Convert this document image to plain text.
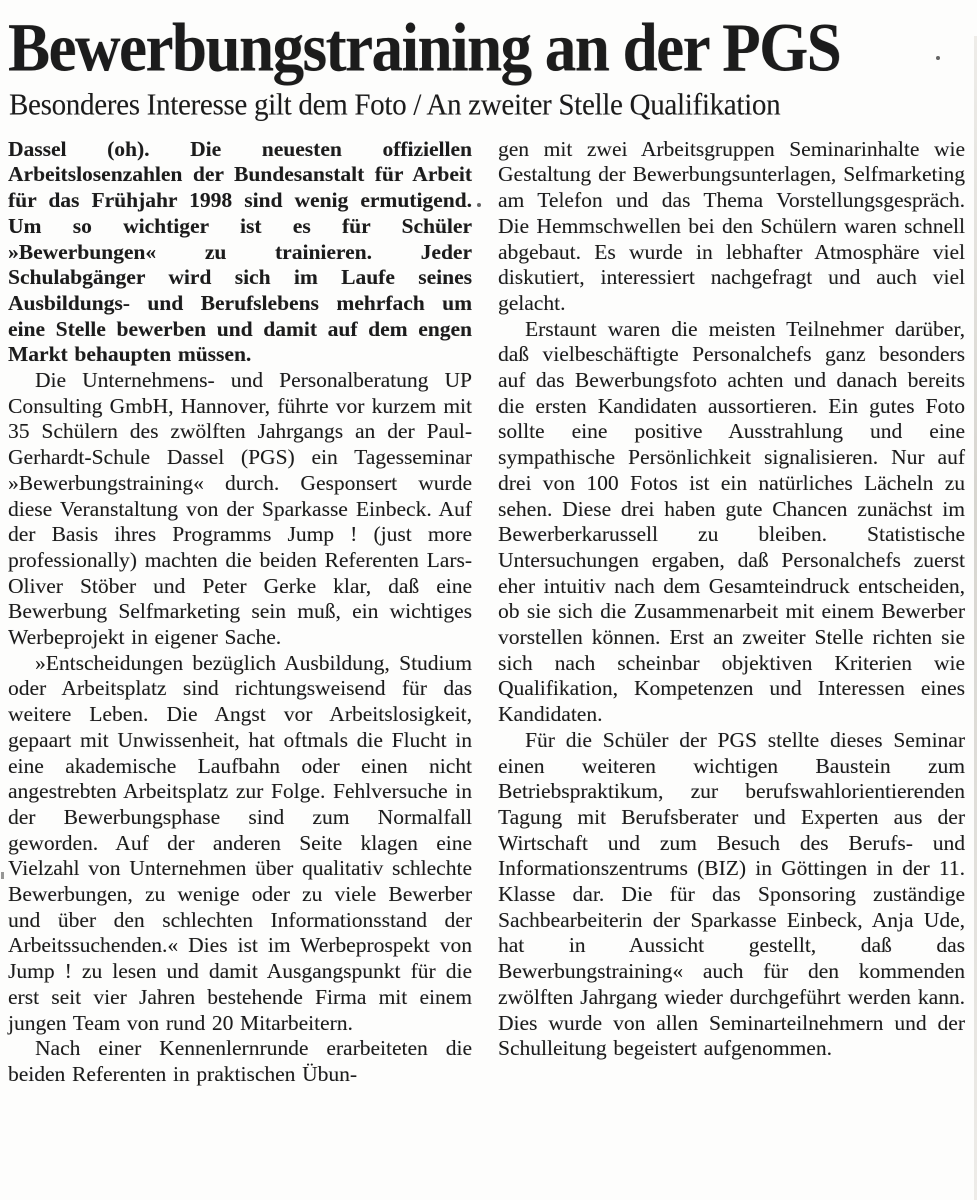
Bewerbungstraining an der PGS
Besonderes Interesse gilt dem Foto / An zweiter Stelle Qualifikation

Dassel (oh). Die neuesten offiziellen Arbeitslosenzahlen der Bundesanstalt für Arbeit für das Frühjahr 1998 sind wenig ermutigend. Um so wichtiger ist es für Schüler »Bewerbungen« zu trainieren. Jeder Schulabgänger wird sich im Laufe seines Ausbildungs- und Berufslebens mehrfach um eine Stelle bewerben und damit auf dem engen Markt behaupten müssen.

Die Unternehmens- und Personalberatung UP Consulting GmbH, Hannover, führte vor kurzem mit 35 Schülern des zwölften Jahrgangs an der Paul-Gerhardt-Schule Dassel (PGS) ein Tagesseminar »Bewerbungstraining« durch. Gesponsert wurde diese Veranstaltung von der Sparkasse Einbeck. Auf der Basis ihres Programms Jump ! (just more professionally) machten die beiden Referenten Lars-Oliver Stöber und Peter Gerke klar, daß eine Bewerbung Selfmarketing sein muß, ein wichtiges Werbeprojekt in eigener Sache.

»Entscheidungen bezüglich Ausbildung, Studium oder Arbeitsplatz sind richtungsweisend für das weitere Leben. Die Angst vor Arbeitslosigkeit, gepaart mit Unwissenheit, hat oftmals die Flucht in eine akademische Laufbahn oder einen nicht angestrebten Arbeitsplatz zur Folge. Fehlversuche in der Bewerbungsphase sind zum Normalfall geworden. Auf der anderen Seite klagen eine Vielzahl von Unternehmen über qualitativ schlechte Bewerbungen, zu wenige oder zu viele Bewerber und über den schlechten Informationsstand der Arbeitssuchenden.« Dies ist im Werbeprospekt von Jump ! zu lesen und damit Ausgangspunkt für die erst seit vier Jahren bestehende Firma mit einem jungen Team von rund 20 Mitarbeitern.

Nach einer Kennenlernrunde erarbeiteten die beiden Referenten in praktischen Übun-

gen mit zwei Arbeitsgruppen Seminarinhalte wie Gestaltung der Bewerbungsunterlagen, Selfmarketing am Telefon und das Thema Vorstellungsgespräch. Die Hemmschwellen bei den Schülern waren schnell abgebaut. Es wurde in lebhafter Atmosphäre viel diskutiert, interessiert nachgefragt und auch viel gelacht.

Erstaunt waren die meisten Teilnehmer darüber, daß vielbeschäftigte Personalchefs ganz besonders auf das Bewerbungsfoto achten und danach bereits die ersten Kandidaten aussortieren. Ein gutes Foto sollte eine positive Ausstrahlung und eine sympathische Persönlichkeit signalisieren. Nur auf drei von 100 Fotos ist ein natürliches Lächeln zu sehen. Diese drei haben gute Chancen zunächst im Bewerberkarussell zu bleiben. Statistische Untersuchungen ergaben, daß Personalchefs zuerst eher intuitiv nach dem Gesamteindruck entscheiden, ob sie sich die Zusammenarbeit mit einem Bewerber vorstellen können. Erst an zweiter Stelle richten sie sich nach scheinbar objektiven Kriterien wie Qualifikation, Kompetenzen und Interessen eines Kandidaten.

Für die Schüler der PGS stellte dieses Seminar einen weiteren wichtigen Baustein zum Betriebspraktikum, zur berufswahlorientierenden Tagung mit Berufsberater und Experten aus der Wirtschaft und zum Besuch des Berufs- und Informationszentrums (BIZ) in Göttingen in der 11. Klasse dar. Die für das Sponsoring zuständige Sachbearbeiterin der Sparkasse Einbeck, Anja Ude, hat in Aussicht gestellt, daß das Bewerbungstraining« auch für den kommenden zwölften Jahrgang wieder durchgeführt werden kann. Dies wurde von allen Seminarteilnehmern und der Schulleitung begeistert aufgenommen.
